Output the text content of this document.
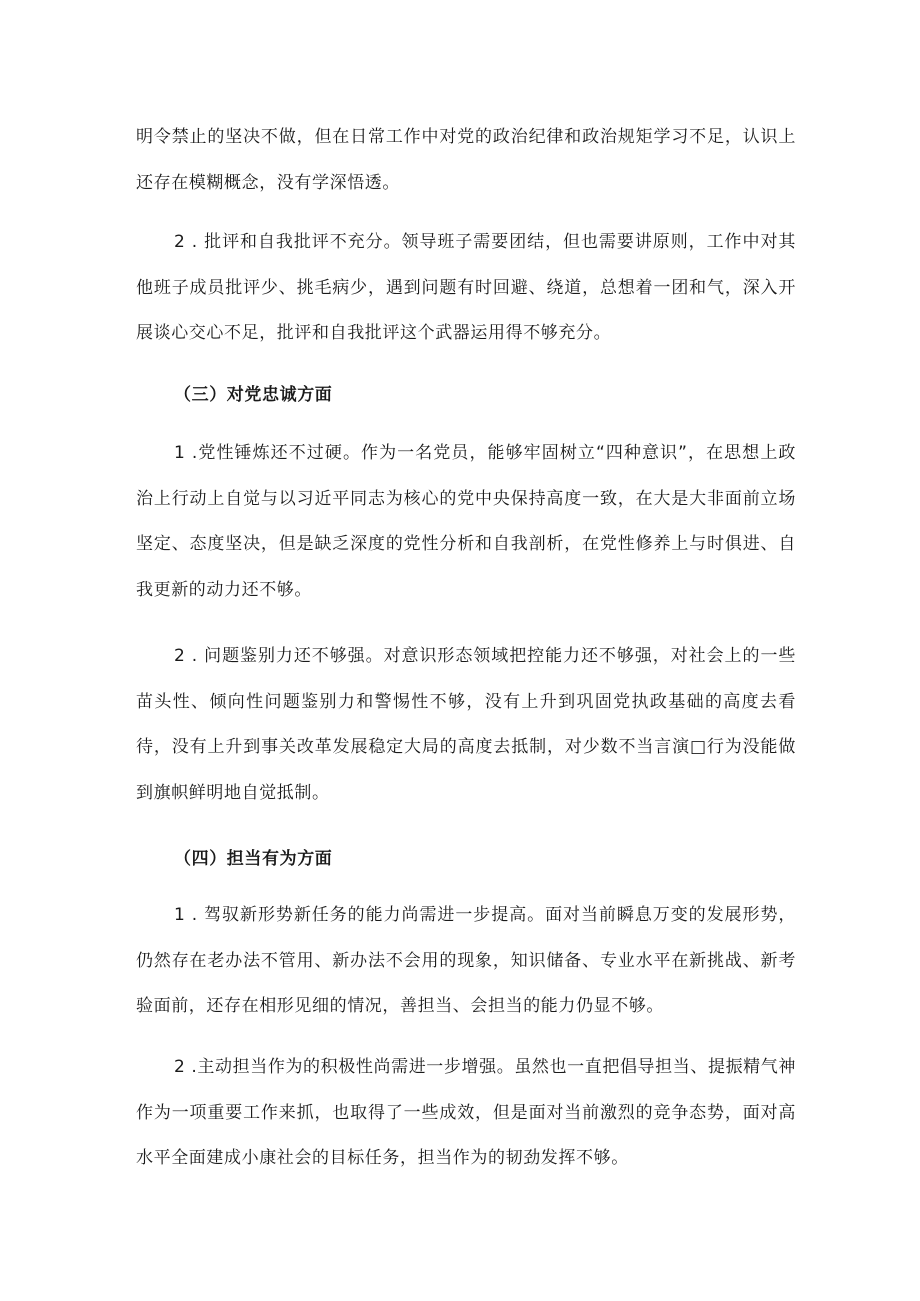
明令禁止的坚决不做，但在日常工作中对党的政治纪律和政治规矩学习不足，认识上还存在模糊概念，没有学深悟透。

2 . 批评和自我批评不充分。领导班子需要团结，但也需要讲原则，工作中对其他班子成员批评少、挑毛病少，遇到问题有时回避、绕道，总想着一团和气，深入开展谈心交心不足，批评和自我批评这个武器运用得不够充分。

（三）对党忠诚方面

1 .党性锤炼还不过硬。作为一名党员，能够牢固树立“四种意识”，在思想上政治上行动上自觉与以习近平同志为核心的党中央保持高度一致，在大是大非面前立场坚定、态度坚决，但是缺乏深度的党性分析和自我剖析，在党性修养上与时俱进、自我更新的动力还不够。

2 . 问题鉴别力还不够强。对意识形态领域把控能力还不够强，对社会上的一些苗头性、倾向性问题鉴别力和警惕性不够，没有上升到巩固党执政基础的高度去看待，没有上升到事关改革发展稳定大局的高度去抵制，对少数不当言演□行为没能做到旗帜鲜明地自觉抵制。

（四）担当有为方面

1 . 驾驭新形势新任务的能力尚需进一步提高。面对当前瞬息万变的发展形势，仍然存在老办法不管用、新办法不会用的现象，知识储备、专业水平在新挑战、新考验面前，还存在相形见细的情况，善担当、会担当的能力仍显不够。

2 .主动担当作为的积极性尚需进一步增强。虽然也一直把倡导担当、提振精气神作为一项重要工作来抓，也取得了一些成效，但是面对当前激烈的竞争态势，面对高水平全面建成小康社会的目标任务，担当作为的韧劲发挥不够。
